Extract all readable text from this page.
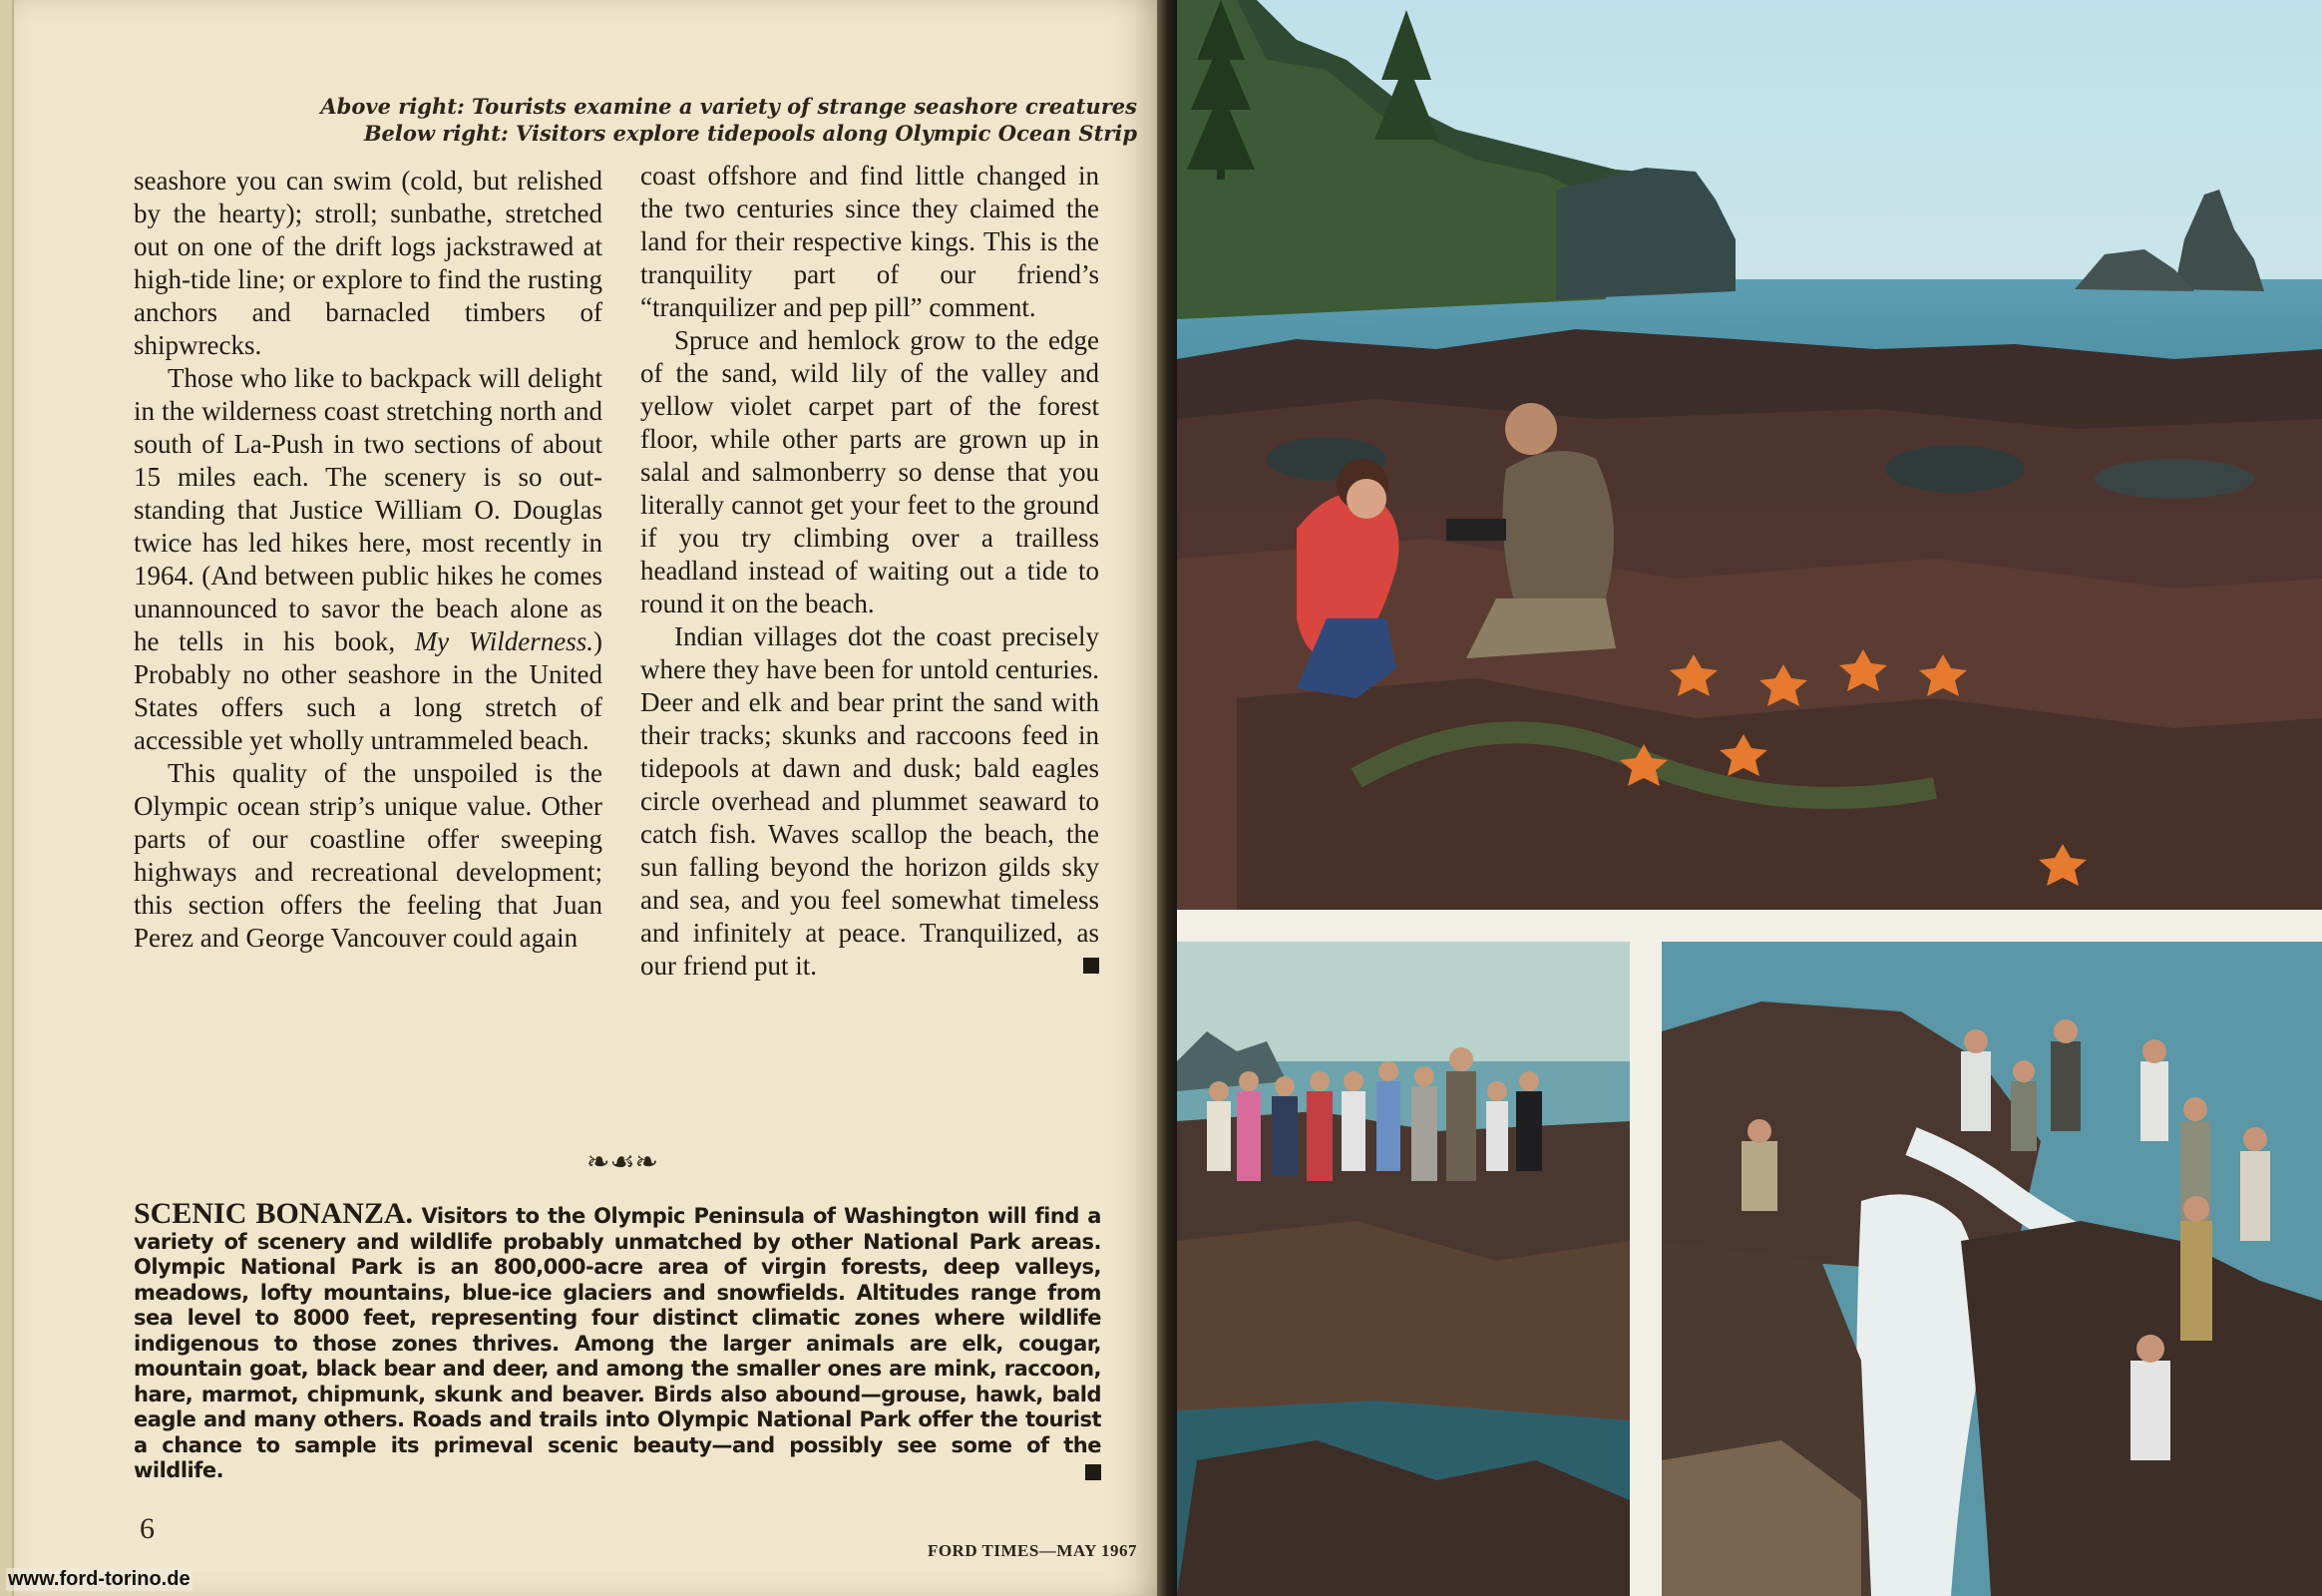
Above right: Tourists examine a variety of strange seashore creatures
Below right: Visitors explore tidepools along Olympic Ocean Strip

seashore you can swim (cold, but relished by the hearty); stroll; sunbathe, stretched out on one of the drift logs jackstrawed at high-tide line; or explore to find the rusting anchors and barnacled timbers of shipwrecks.

Those who like to backpack will delight in the wilderness coast stretching north and south of La-Push in two sections of about 15 miles each. The scenery is so outstanding that Justice William O. Douglas twice has led hikes here, most recently in 1964. (And between public hikes he comes unannounced to savor the beach alone as he tells in his book, My Wilderness.) Probably no other seashore in the United States offers such a long stretch of accessible yet wholly untrammeled beach.

This quality of the unspoiled is the Olympic ocean strip’s unique value. Other parts of our coastline offer sweeping highways and recreational development; this section offers the feeling that Juan Perez and George Vancouver could again

coast offshore and find little changed in the two centuries since they claimed the land for their respective kings. This is the tranquility part of our friend’s “tranquilizer and pep pill” comment.

Spruce and hemlock grow to the edge of the sand, wild lily of the valley and yellow violet carpet part of the forest floor, while other parts are grown up in salal and salmonberry so dense that you literally cannot get your feet to the ground if you try climbing over a trailless headland instead of waiting out a tide to round it on the beach.

Indian villages dot the coast precisely where they have been for untold centuries. Deer and elk and bear print the sand with their tracks; skunks and raccoons feed in tidepools at dawn and dusk; bald eagles circle overhead and plummet seaward to catch fish. Waves scallop the beach, the sun falling beyond the horizon gilds sky and sea, and you feel somewhat timeless and infinitely at peace. Tranquilized, as our friend put it.

❧☙❧
SCENIC BONANZA. Visitors to the Olympic Peninsula of Washington will find a variety of scenery and wildlife probably unmatched by other National Park areas. Olympic National Park is an 800,000-acre area of virgin forests, deep valleys, meadows, lofty mountains, blue-ice glaciers and snowfields. Altitudes range from sea level to 8000 feet, representing four distinct climatic zones where wildlife indigenous to those zones thrives. Among the larger animals are elk, cougar, mountain goat, black bear and deer, and among the smaller ones are mink, raccoon, hare, marmot, chipmunk, skunk and beaver. Birds also abound—grouse, hawk, bald eagle and many others. Roads and trails into Olympic National Park offer the tourist a chance to sample its primeval scenic beauty—and possibly see some of the wildlife.
6
FORD TIMES—MAY 1967
www.ford-torino.de
